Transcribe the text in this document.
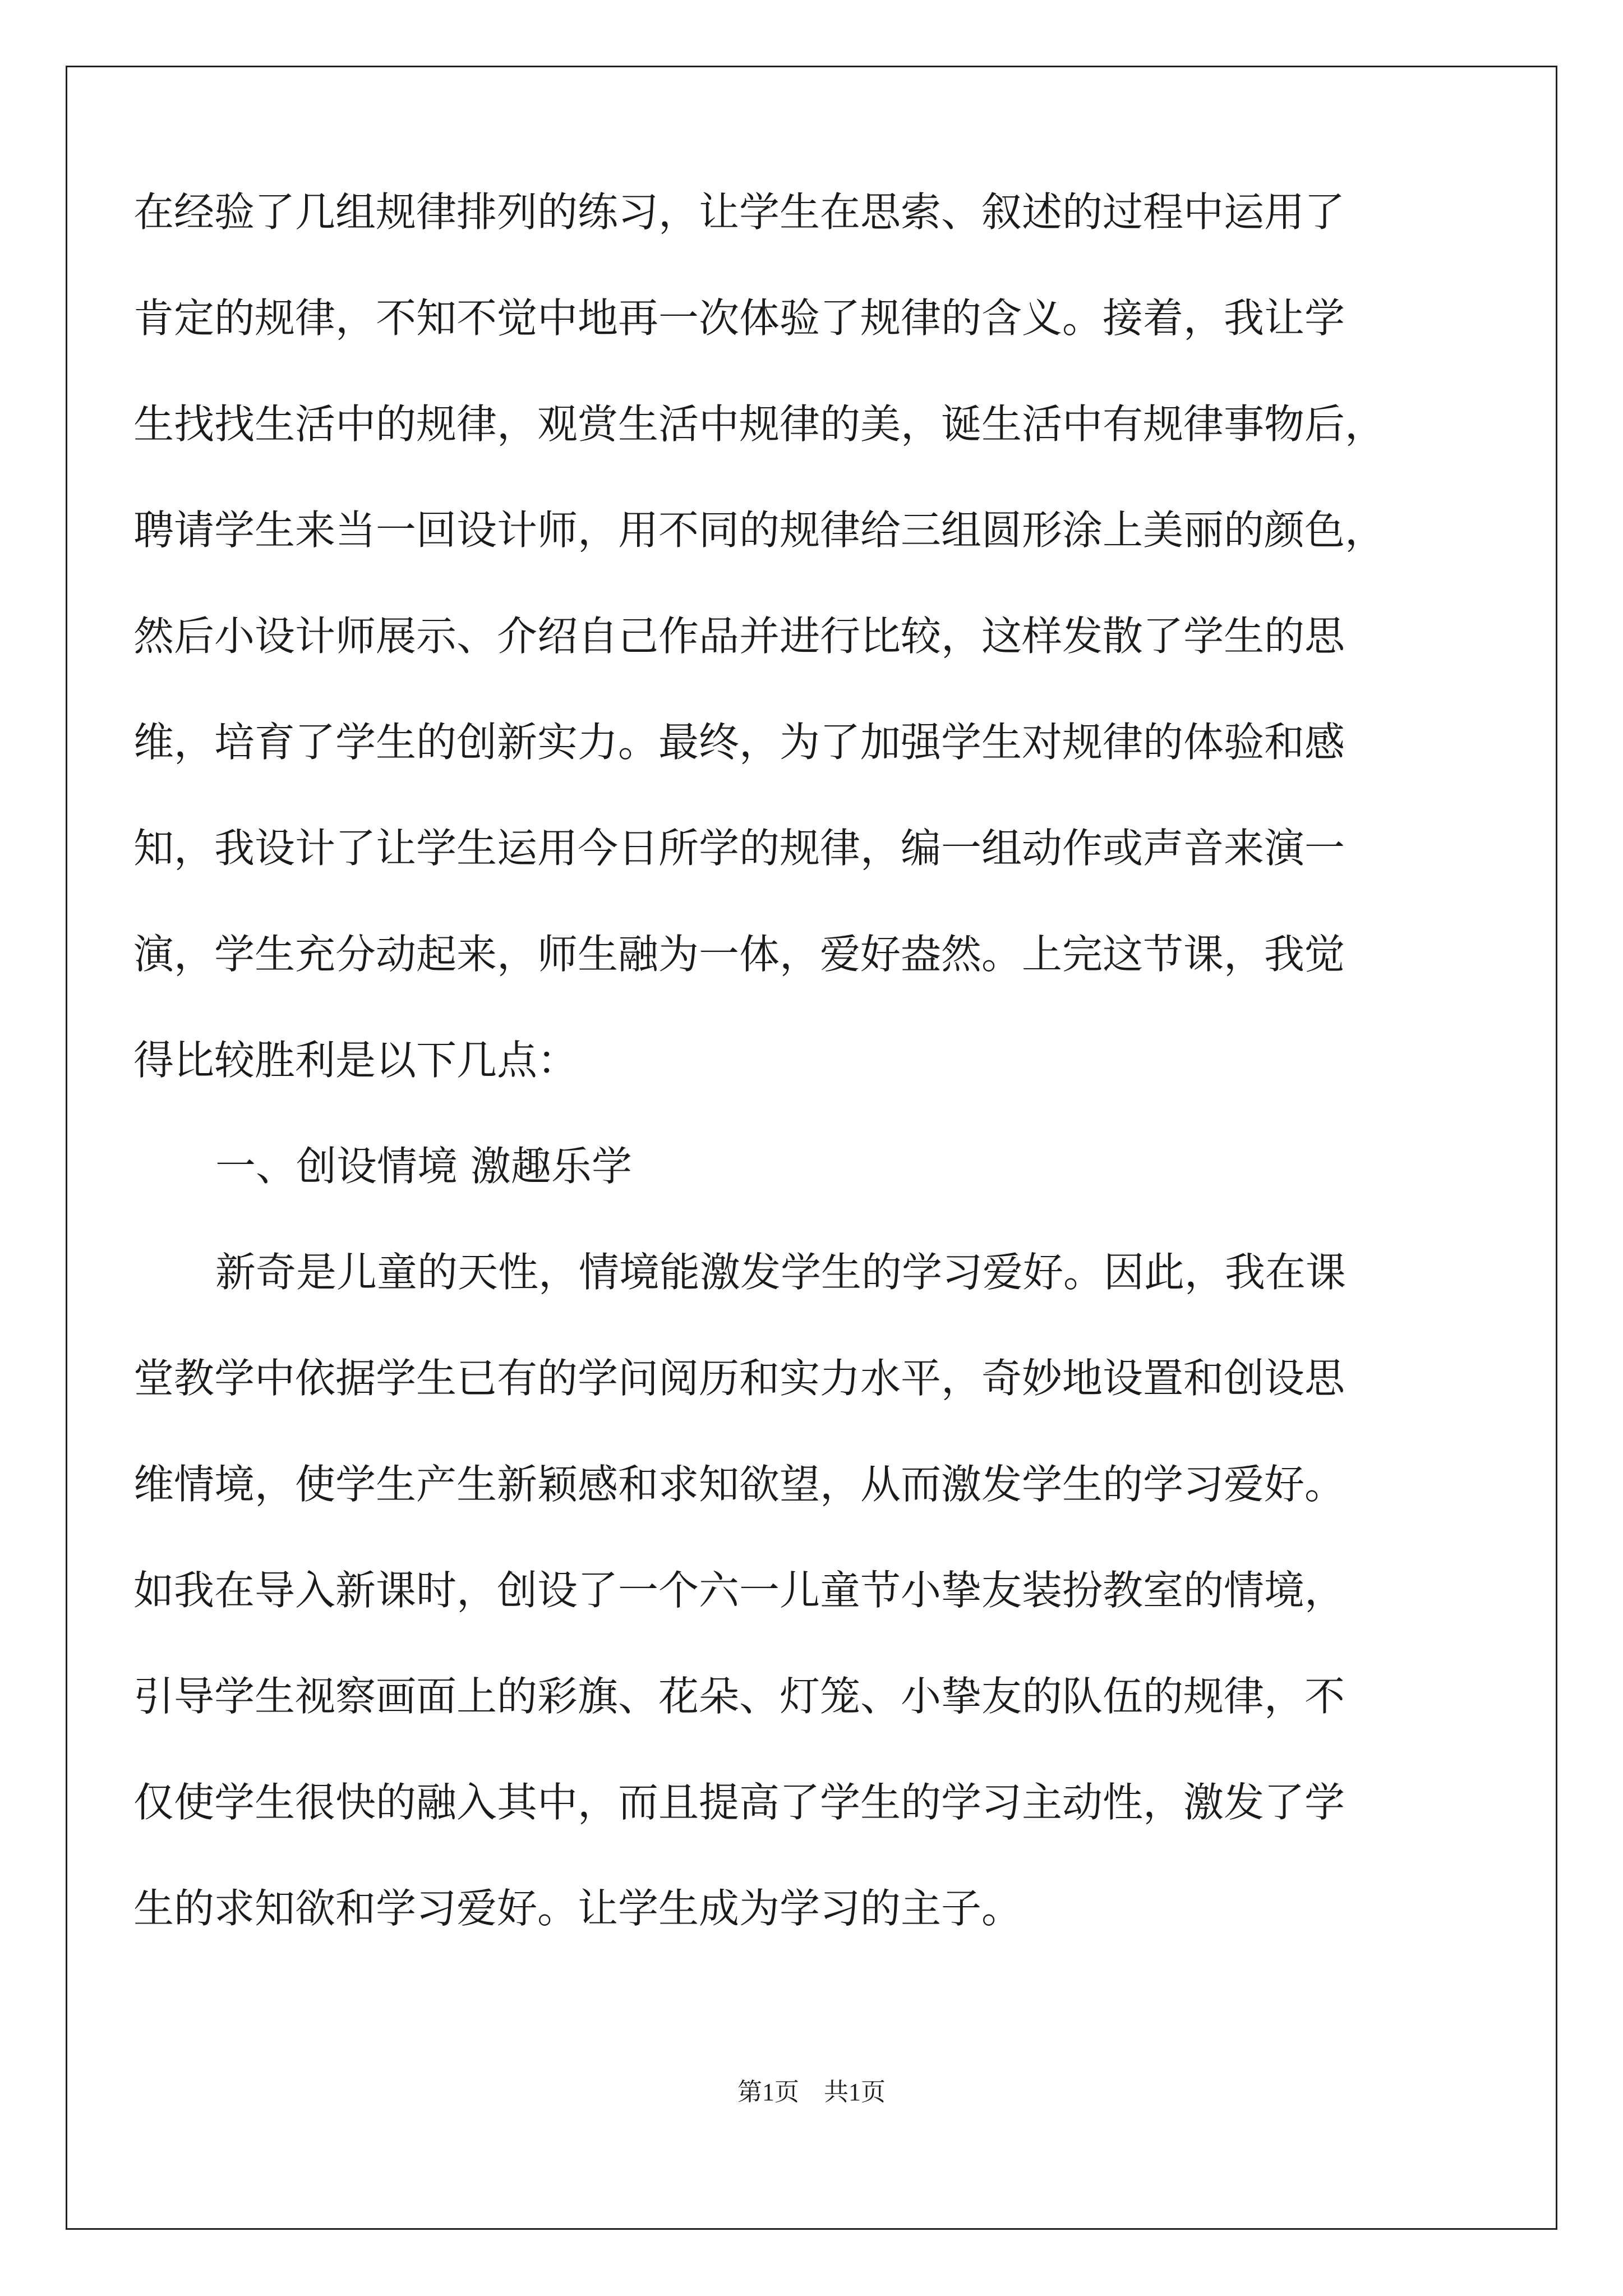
在经验了几组规律排列的练习，让学生在思索、叙述的过程中运用了
肯定的规律，不知不觉中地再一次体验了规律的含义。接着，我让学
生找找生活中的规律，观赏生活中规律的美，诞生活中有规律事物后，
聘请学生来当一回设计师，用不同的规律给三组圆形涂上美丽的颜色，
然后小设计师展示、介绍自己作品并进行比较，这样发散了学生的思
维，培育了学生的创新实力。最终，为了加强学生对规律的体验和感
知，我设计了让学生运用今日所学的规律，编一组动作或声音来演一
演，学生充分动起来，师生融为一体，爱好盎然。上完这节课，我觉
得比较胜利是以下几点：
一、创设情境 激趣乐学
新奇是儿童的天性，情境能激发学生的学习爱好。因此，我在课
堂教学中依据学生已有的学问阅历和实力水平，奇妙地设置和创设思
维情境，使学生产生新颖感和求知欲望，从而激发学生的学习爱好。
如我在导入新课时，创设了一个六一儿童节小挚友装扮教室的情境，
引导学生视察画面上的彩旗、花朵、灯笼、小挚友的队伍的规律，不
仅使学生很快的融入其中，而且提高了学生的学习主动性，激发了学
生的求知欲和学习爱好。让学生成为学习的主子。
第1页　共1页
